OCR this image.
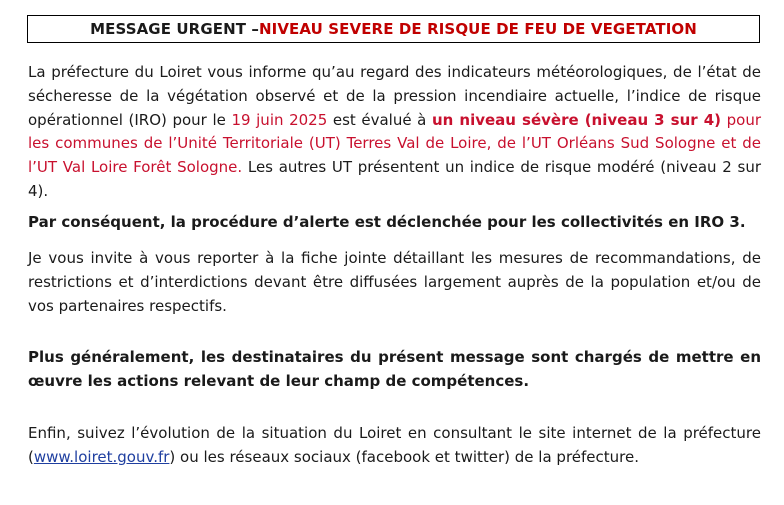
MESSAGE URGENT – NIVEAU SEVERE DE RISQUE DE FEU DE VEGETATION
La préfecture du Loiret vous informe qu’au regard des indicateurs météorologiques, de l’état de sécheresse de la végétation observé et de la pression incendiaire actuelle, l’indice de risque opérationnel (IRO) pour le 19 juin 2025 est évalué à un niveau sévère (niveau 3 sur 4) pour les communes de l’Unité Territoriale (UT) Terres Val de Loire, de l’UT Orléans Sud Sologne et de l’UT Val Loire Forêt Sologne. Les autres UT présentent un indice de risque modéré (niveau 2 sur 4).
Par conséquent, la procédure d’alerte est déclenchée pour les collectivités en IRO 3.
Je vous invite à vous reporter à la fiche jointe détaillant les mesures de recommandations, de restrictions et d’interdictions devant être diffusées largement auprès de la population et/ou de vos partenaires respectifs.
Plus généralement, les destinataires du présent message sont chargés de mettre en œuvre les actions relevant de leur champ de compétences.
Enfin, suivez l’évolution de la situation du Loiret en consultant le site internet de la préfecture (www.loiret.gouv.fr) ou les réseaux sociaux (facebook et twitter) de la préfecture.
